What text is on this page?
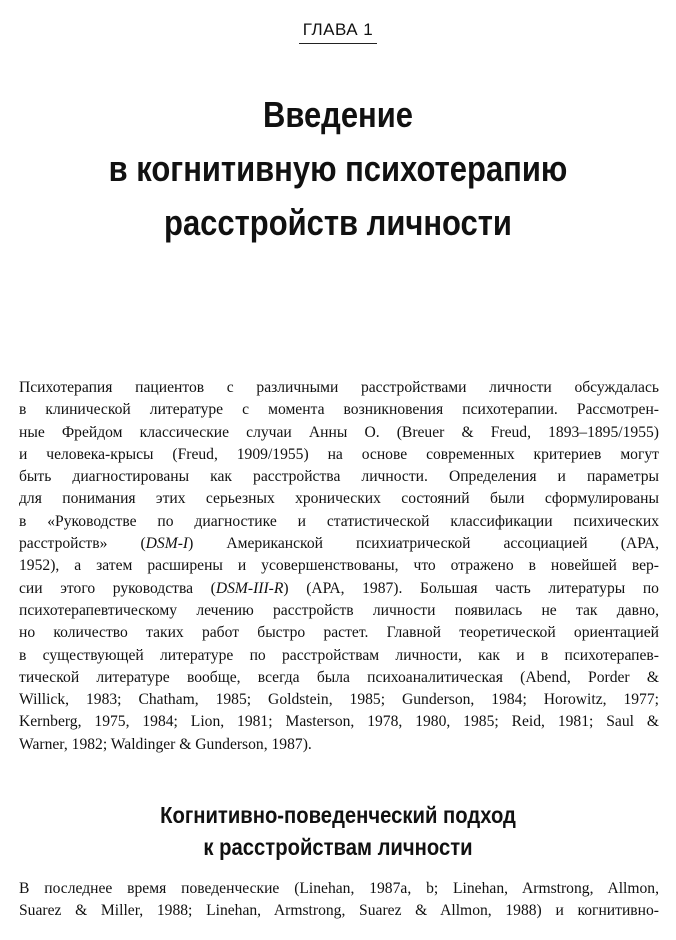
ГЛАВА 1
Введение
в когнитивную психотерапию
расстройств личности
Психотерапия пациентов с различными расстройствами личности обсуждалась
в клинической литературе с момента возникновения психотерапии. Рассмотрен-
ные Фрейдом классические случаи Анны О. (Breuer & Freud, 1893–1895/1955)
и человека-крысы (Freud, 1909/1955) на основе современных критериев могут
быть диагностированы как расстройства личности. Определения и параметры
для понимания этих серьезных хронических состояний были сформулированы
в «Руководстве по диагностике и статистической классификации психических
расстройств» (DSM-I) Американской психиатрической ассоциацией (АРА,
1952), а затем расширены и усовершенствованы, что отражено в новейшей вер-
сии этого руководства (DSM-III-R) (АРА, 1987). Большая часть литературы по
психотерапевтическому лечению расстройств личности появилась не так давно,
но количество таких работ быстро растет. Главной теоретической ориентацией
в существующей литературе по расстройствам личности, как и в психотерапев-
тической литературе вообще, всегда была психоаналитическая (Abend, Porder &
Willick, 1983; Chatham, 1985; Goldstein, 1985; Gunderson, 1984; Horowitz, 1977;
Kernberg, 1975, 1984; Lion, 1981; Masterson, 1978, 1980, 1985; Reid, 1981; Saul &
Warner, 1982; Waldinger & Gunderson, 1987).
Когнитивно-поведенческий подход
к расстройствам личности
В последнее время поведенческие (Linehan, 1987a, b; Linehan, Armstrong, Allmon,
Suarez & Miller, 1988; Linehan, Armstrong, Suarez & Allmon, 1988) и когнитивно-
